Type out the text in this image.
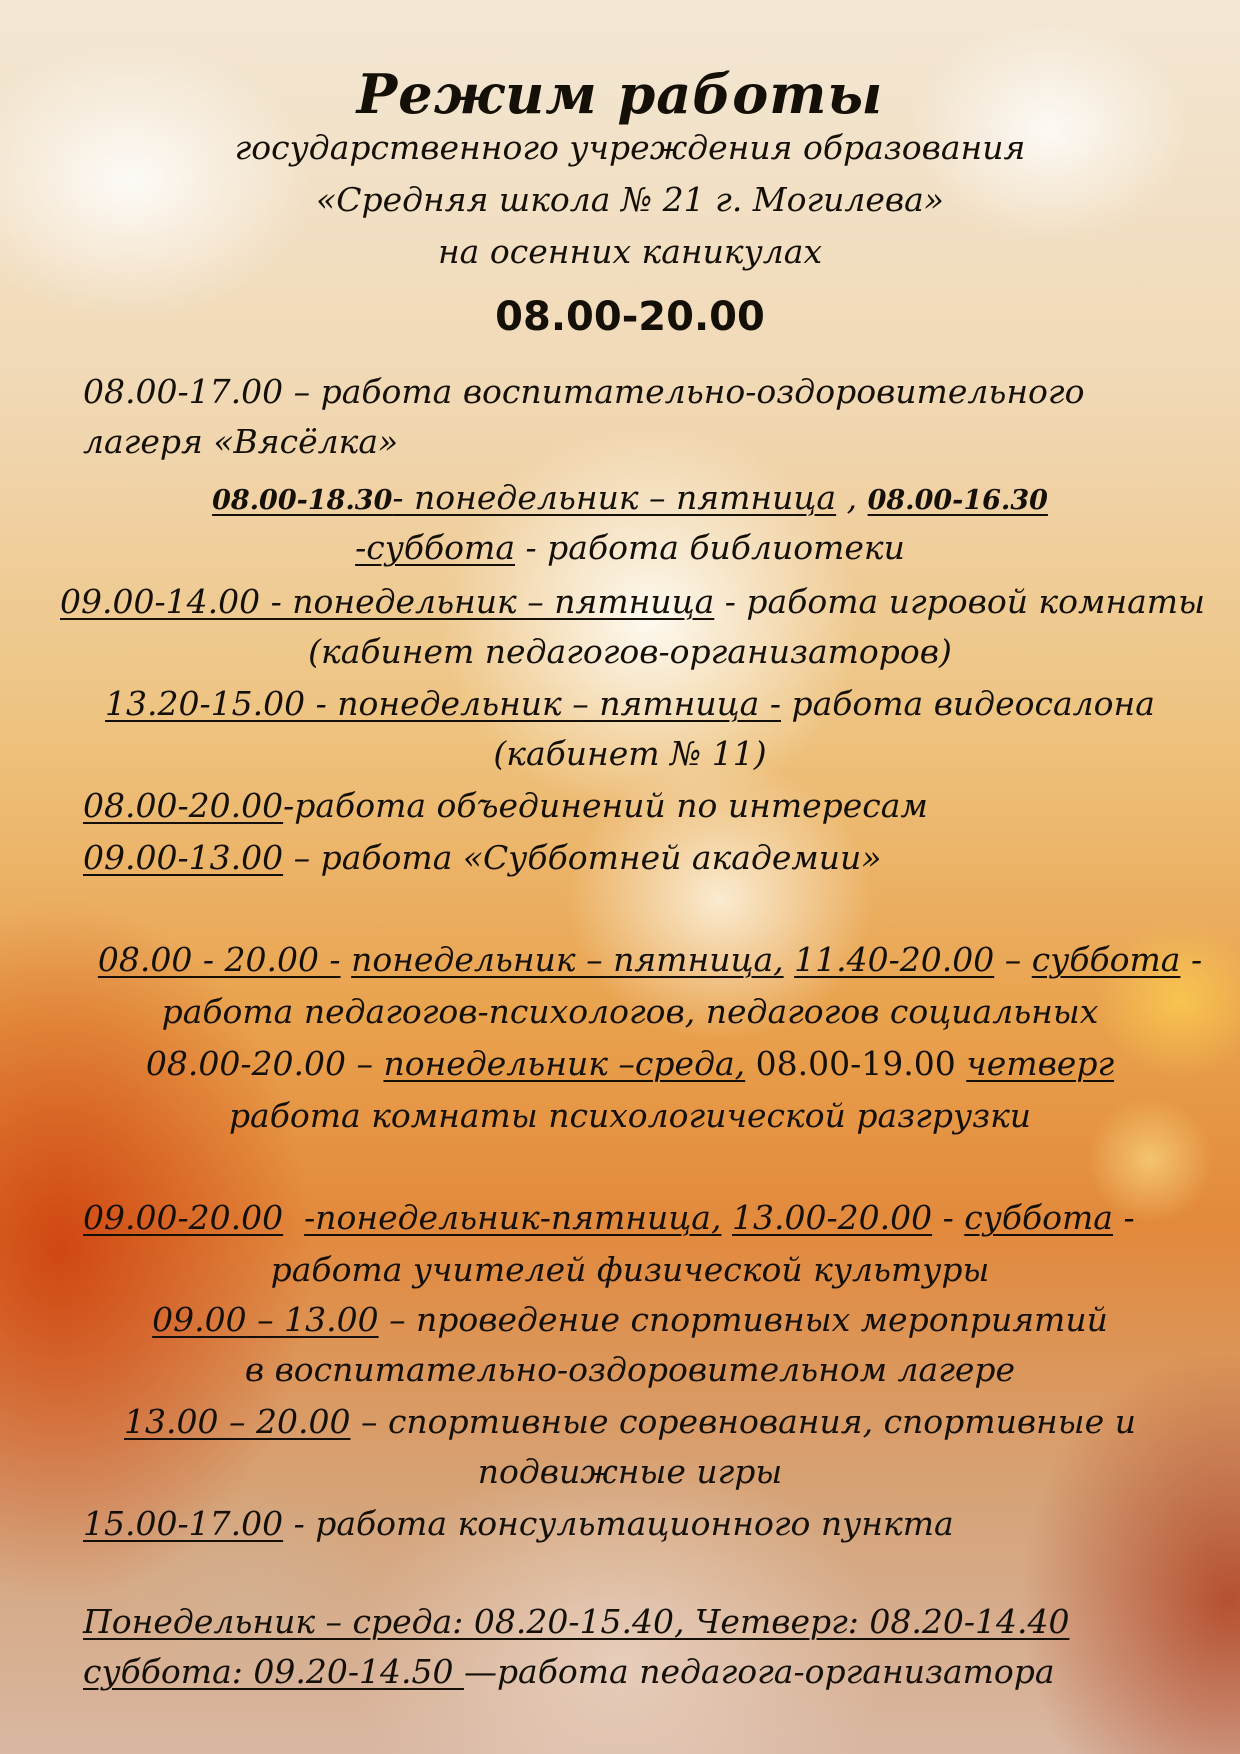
Режим работы
государственного учреждения образования
«Средняя школа № 21 г. Могилева»
на осенних каникулах
08.00-20.00
08.00-17.00 – работа воспитательно-оздоровительного
лагеря «Вясёлка»
08.00-18.30- понедельник – пятница , 08.00-16.30
-суббота - работа библиотеки
09.00-14.00 - понедельник – пятница - работа игровой комнаты
(кабинет педагогов-организаторов)
13.20-15.00 - понедельник – пятница - работа видеосалона
(кабинет № 11)
08.00-20.00-работа объединений по интересам
09.00-13.00 – работа «Субботней академии»
08.00 - 20.00 - понедельник – пятница, 11.40-20.00 – суббота -
работа педагогов-психологов, педагогов социальных
08.00-20.00 – понедельник –среда, 08.00-19.00 четверг
работа комнаты психологической разгрузки
09.00-20.00 -понедельник-пятница, 13.00-20.00 - суббота -
работа учителей физической культуры
09.00 – 13.00 – проведение спортивных мероприятий
в воспитательно-оздоровительном лагере
13.00 – 20.00 – спортивные соревнования, спортивные и
подвижные игры
15.00-17.00 - работа консультационного пункта
Понедельник – среда: 08.20-15.40, Четверг: 08.20-14.40
суббота: 09.20-14.50 —работа педагога-организатора
